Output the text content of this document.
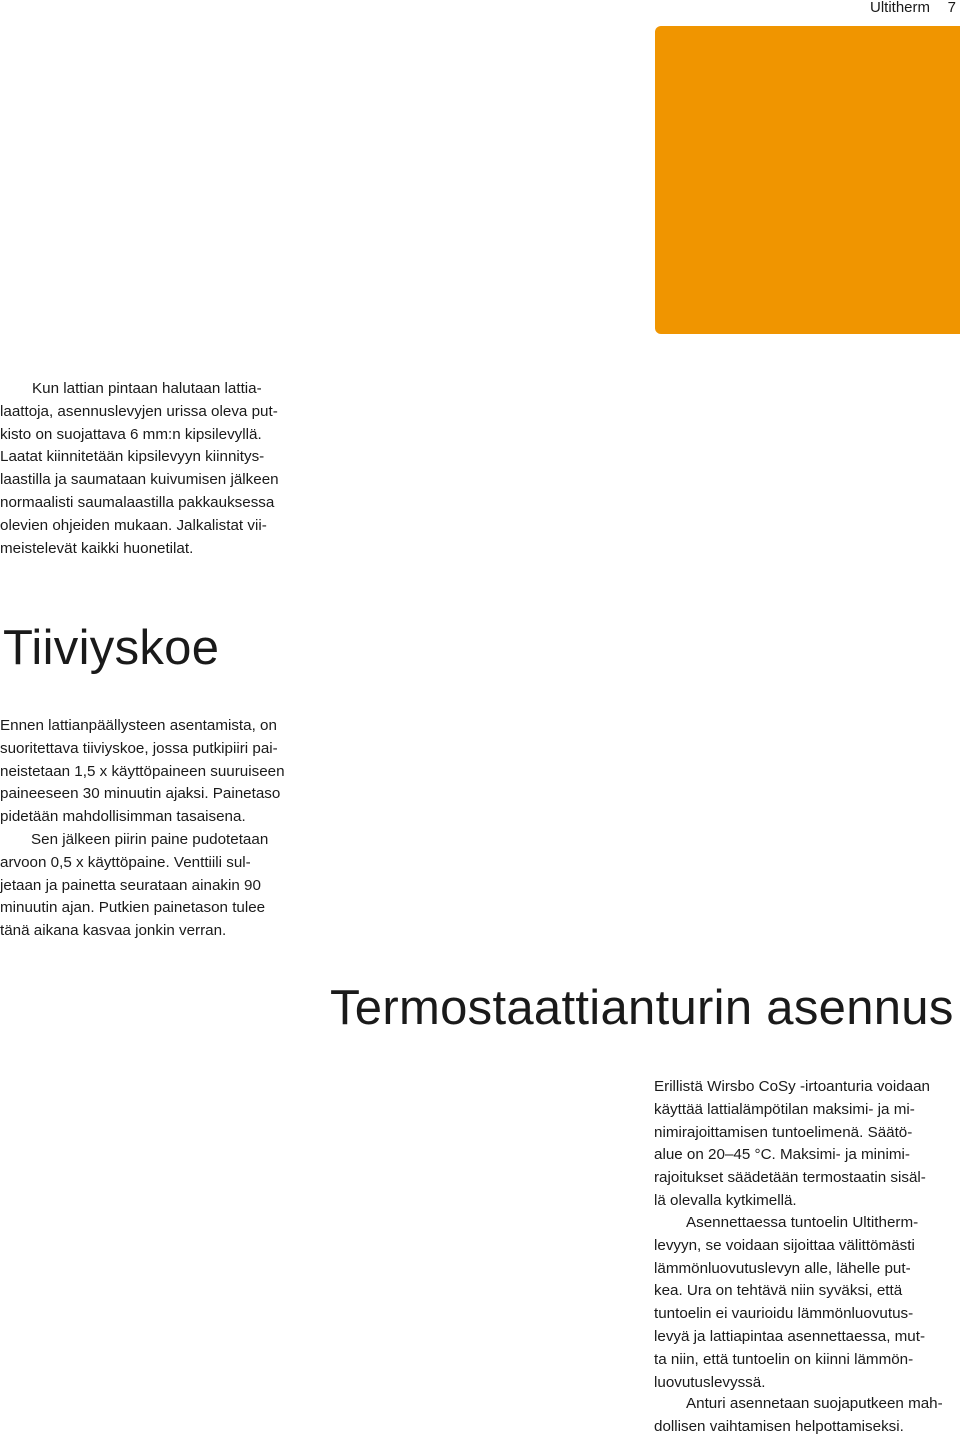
Ultitherm 7
Kun lattian pintaan halutaan lattia-
laattoja, asennuslevyjen urissa oleva put-
kisto on suojattava 6 mm:n kipsilevyllä.
Laatat kiinnitetään kipsilevyyn kiinnitys-
laastilla ja saumataan kuivumisen jälkeen
normaalisti saumalaastilla pakkauksessa
olevien ohjeiden mukaan. Jalkalistat vii-
meistelevät kaikki huonetilat.
Tiiviyskoe
Ennen lattianpäällysteen asentamista, on
suoritettava tiiviyskoe, jossa putkipiiri pai-
neistetaan 1,5 x käyttöpaineen suuruiseen
paineeseen 30 minuutin ajaksi. Painetaso
pidetään mahdollisimman tasaisena.
Sen jälkeen piirin paine pudotetaan
arvoon 0,5 x käyttöpaine. Venttiili sul-
jetaan ja painetta seurataan ainakin 90
minuutin ajan. Putkien painetason tulee
tänä aikana kasvaa jonkin verran.
Termostaattianturin asennus
Erillistä Wirsbo CoSy -irtoanturia voidaan
käyttää lattialämpötilan maksimi- ja mi-
nimirajoittamisen tuntoelimenä. Säätö-
alue on 20–45 °C. Maksimi- ja minimi-
rajoitukset säädetään termostaatin sisäl-
lä olevalla kytkimellä.
Asennettaessa tuntoelin Ultitherm-
levyyn, se voidaan sijoittaa välittömästi
lämmönluovutuslevyn alle, lähelle put-
kea. Ura on tehtävä niin syväksi, että
tuntoelin ei vaurioidu lämmönluovutus-
levyä ja lattiapintaa asennettaessa, mut-
ta niin, että tuntoelin on kiinni lämmön-
luovutuslevyssä.
Anturi asennetaan suojaputkeen mah-
dollisen vaihtamisen helpottamiseksi.
